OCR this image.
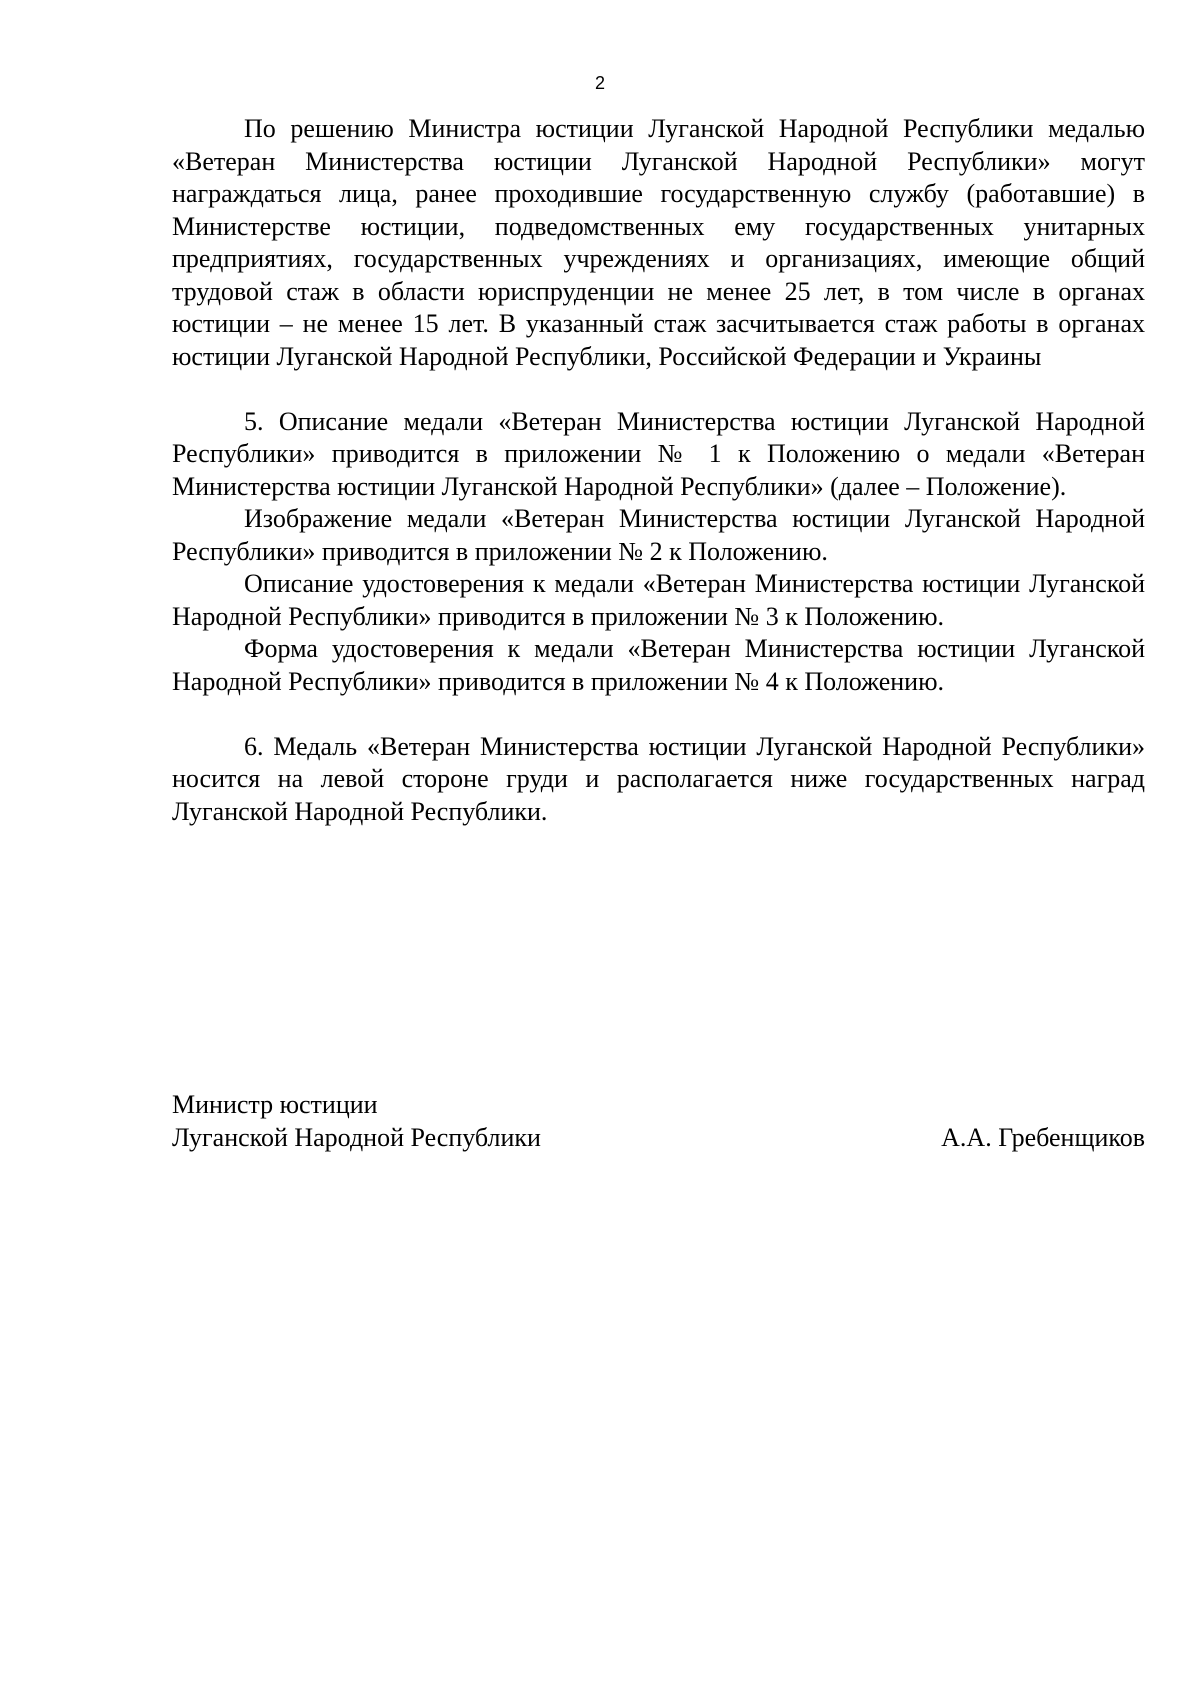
2

По решению Министра юстиции Луганской Народной Республики медалью «Ветеран Министерства юстиции Луганской Народной Республики» могут награждаться лица, ранее проходившие государственную службу (работавшие) в Министерстве юстиции, подведомственных ему государственных унитарных предприятиях, государственных учреждениях и организациях, имеющие общий трудовой стаж в области юриспруденции не менее 25 лет, в том числе в органах юстиции – не менее 15 лет. В указанный стаж засчитывается стаж работы в органах юстиции Луганской Народной Республики, Российской Федерации и Украины

5. Описание медали «Ветеран Министерства юстиции Луганской Народной Республики» приводится в приложении № 1 к Положению о медали «Ветеран Министерства юстиции Луганской Народной Республики» (далее – Положение).

Изображение медали «Ветеран Министерства юстиции Луганской Народной Республики» приводится в приложении № 2 к Положению.

Описание удостоверения к медали «Ветеран Министерства юстиции Луганской Народной Республики» приводится в приложении № 3 к Положению.

Форма удостоверения к медали «Ветеран Министерства юстиции Луганской Народной Республики» приводится в приложении № 4 к Положению.

6. Медаль «Ветеран Министерства юстиции Луганской Народной Республики» носится на левой стороне груди и располагается ниже государственных наград Луганской Народной Республики.

Министр юстиции
Луганской Народной Республики	А.А. Гребенщиков
